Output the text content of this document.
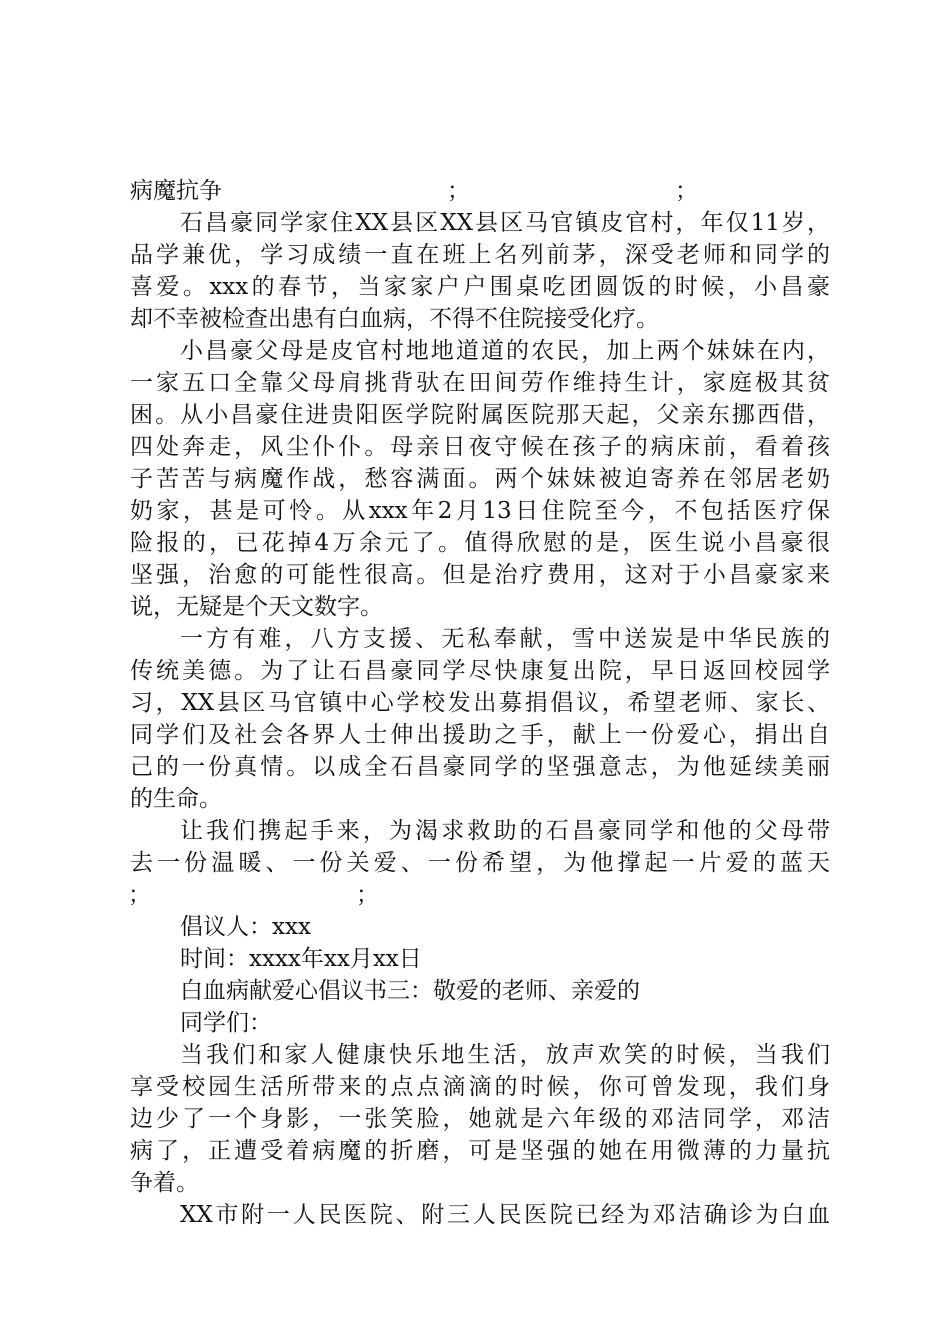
病魔抗争	；	；
石昌豪同学家住XX县区XX县区马官镇皮官村，年仅11岁，
品学兼优，学习成绩一直在班上名列前茅，深受老师和同学的
喜爱。xxx的春节，当家家户户围桌吃团圆饭的时候，小昌豪
却不幸被检查出患有白血病，不得不住院接受化疗。
小昌豪父母是皮官村地地道道的农民，加上两个妹妹在内，
一家五口全靠父母肩挑背驮在田间劳作维持生计，家庭极其贫
困。从小昌豪住进贵阳医学院附属医院那天起，父亲东挪西借，
四处奔走，风尘仆仆。母亲日夜守候在孩子的病床前，看着孩
子苦苦与病魔作战，愁容满面。两个妹妹被迫寄养在邻居老奶
奶家，甚是可怜。从xxx年2月13日住院至今，不包括医疗保
险报的，已花掉4万余元了。值得欣慰的是，医生说小昌豪很
坚强，治愈的可能性很高。但是治疗费用，这对于小昌豪家来
说，无疑是个天文数字。
一方有难，八方支援、无私奉献，雪中送炭是中华民族的
传统美德。为了让石昌豪同学尽快康复出院，早日返回校园学
习，XX县区马官镇中心学校发出募捐倡议，希望老师、家长、
同学们及社会各界人士伸出援助之手，献上一份爱心，捐出自
己的一份真情。以成全石昌豪同学的坚强意志，为他延续美丽
的生命。
让我们携起手来，为渴求救助的石昌豪同学和他的父母带
去一份温暖、一份关爱、一份希望，为他撑起一片爱的蓝天
；	；
倡议人：xxx
时间：xxxx年xx月xx日
白血病献爱心倡议书三：敬爱的老师、亲爱的
同学们：
当我们和家人健康快乐地生活，放声欢笑的时候，当我们
享受校园生活所带来的点点滴滴的时候，你可曾发现，我们身
边少了一个身影，一张笑脸，她就是六年级的邓洁同学，邓洁
病了，正遭受着病魔的折磨，可是坚强的她在用微薄的力量抗
争着。
XX市附一人民医院、附三人民医院已经为邓洁确诊为白血
